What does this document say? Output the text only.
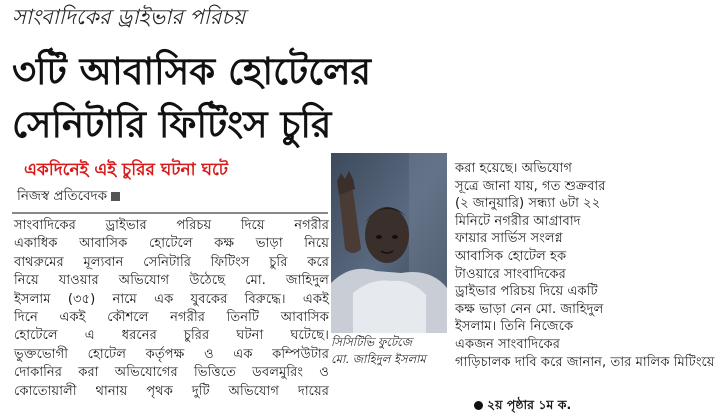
সাংবাদিকের ড্রাইভার পরিচয়
৩টি আবাসিক হোটেলের
সেনিটারি ফিটিংস চুরি
একদিনেই এই চুরির ঘটনা ঘটে
নিজস্ব প্রতিবেদক
সাংবাদিকের ড্রাইভার পরিচয় দিয়ে নগরীর
একাধিক আবাসিক হোটেলে কক্ষ ভাড়া নিয়ে
বাথরুমের মূল্যবান সেনিটারি ফিটিংস চুরি করে
নিয়ে যাওয়ার অভিযোগ উঠেছে মো. জাহিদুল
ইসলাম (৩৫) নামে এক যুবকের বিরুদ্ধে। একই
দিনে একই কৌশলে নগরীর তিনটি আবাসিক
হোটেলে এ ধরনের চুরির ঘটনা ঘটেছে।
ভুক্তভোগী হোটেল কর্তৃপক্ষ ও এক কম্পিউটার
দোকানির করা অভিযোগের ভিত্তিতে ডবলমুরিং ও
কোতোয়ালী থানায় পৃথক দুটি অভিযোগ দায়ের
সিসিটিভি ফুটেজে
মো. জাহিদুল ইসলাম
করা হয়েছে। অভিযোগ
সূত্রে জানা যায়, গত শুক্রবার
(২ জানুয়ারি) সন্ধ্যা ৬টা ২২
মিনিটে নগরীর আগ্রাবাদ
ফায়ার সার্ভিস সংলগ্ন
আবাসিক হোটেল হক
টাওয়ারে সাংবাদিকের
ড্রাইভার পরিচয় দিয়ে একটি
কক্ষ ভাড়া নেন মো. জাহিদুল
ইসলাম। তিনি নিজেকে
একজন সাংবাদিকের
গাড়িচালক দাবি করে জানান, তার মালিক মিটিংয়ে
২য় পৃষ্ঠার ১ম ক.
